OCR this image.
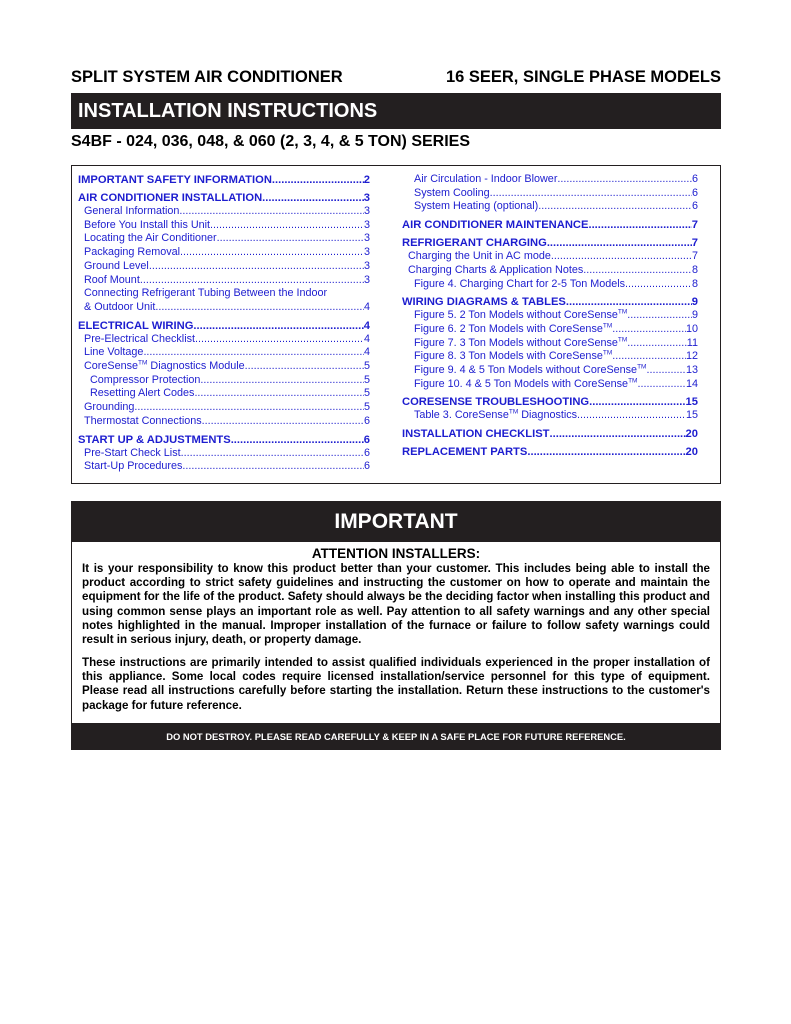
SPLIT SYSTEM AIR CONDITIONER	16 SEER, SINGLE PHASE MODELS
INSTALLATION INSTRUCTIONS
S4BF - 024, 036, 048, & 060 (2, 3, 4, & 5 TON) SERIES
IMPORTANT SAFETY INFORMATION .....	2
AIR CONDITIONER INSTALLATION .....	3
General Information .....	3
Before You Install this Unit .....	3
Locating the Air Conditioner .....	3
Packaging Removal .....	3
Ground Level .....	3
Roof Mount .....	3
Connecting Refrigerant Tubing Between the Indoor
& Outdoor Unit .....	4
ELECTRICAL WIRING .....	4
Pre-Electrical Checklist .....	4
Line Voltage .....	4
CoreSense™ Diagnostics Module .....	5
Compressor Protection .....	5
Resetting Alert Codes .....	5
Grounding .....	5
Thermostat Connections .....	6
START UP & ADJUSTMENTS .....	6
Pre-Start Check List .....	6
Start-Up Procedures .....	6
Air Circulation - Indoor Blower .....	6
System Cooling .....	6
System Heating (optional) .....	6
AIR CONDITIONER MAINTENANCE .....	7
REFRIGERANT CHARGING .....	7
Charging the Unit in AC mode .....	7
Charging Charts & Application Notes .....	8
Figure 4. Charging Chart for 2-5 Ton Models .....	8
WIRING DIAGRAMS & TABLES .....	9
Figure 5. 2 Ton Models without CoreSense™ .....	9
Figure 6. 2 Ton Models with CoreSense™ .....	10
Figure 7. 3 Ton Models without CoreSense™ .....	11
Figure 8. 3 Ton Models with CoreSense™ .....	12
Figure 9. 4 & 5 Ton Models without CoreSense™ .....	13
Figure 10. 4 & 5 Ton Models with CoreSense™ .....	14
CORESENSE TROUBLESHOOTING .....	15
Table 3. CoreSense™ Diagnostics .....	15
INSTALLATION CHECKLIST .....	20
REPLACEMENT PARTS .....	20
IMPORTANT
ATTENTION INSTALLERS:
It is your responsibility to know this product better than your customer. This includes being able to install the product according to strict safety guidelines and instructing the customer on how to operate and maintain the equipment for the life of the product. Safety should always be the deciding factor when installing this product and using common sense plays an important role as well. Pay attention to all safety warnings and any other special notes highlighted in the manual. Improper installation of the furnace or failure to follow safety warnings could result in serious injury, death, or property damage.
These instructions are primarily intended to assist qualified individuals experienced in the proper installation of this appliance. Some local codes require licensed installation/service personnel for this type of equipment. Please read all instructions carefully before starting the installation. Return these instructions to the customer's package for future reference.
DO NOT DESTROY. PLEASE READ CAREFULLY & KEEP IN A SAFE PLACE FOR FUTURE REFERENCE.
